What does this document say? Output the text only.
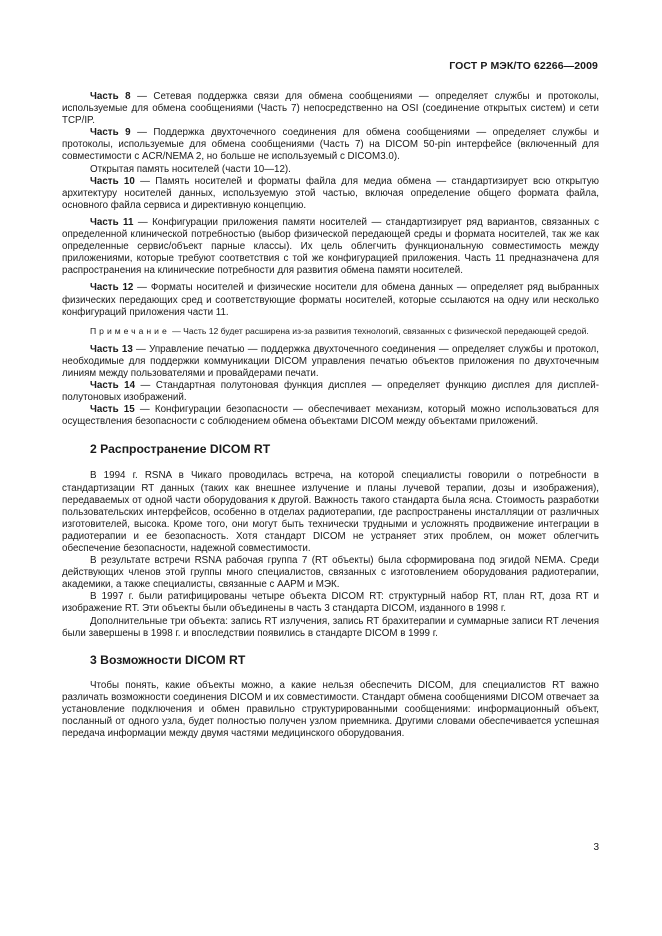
ГОСТ Р МЭК/ТО 62266—2009

Часть 8 — Сетевая поддержка связи для обмена сообщениями — определяет службы и протоколы, используемые для обмена сообщениями (Часть 7) непосредственно на OSI (соединение открытых систем) и сети TCP/IP.

Часть 9 — Поддержка двухточечного соединения для обмена сообщениями — определяет службы и протоколы, используемые для обмена сообщениями (Часть 7) на DICOM 50-pin интерфейсе (включенный для совместимости с ACR/NEMA 2, но больше не используемый с DICOM3.0).

Открытая память носителей (части 10—12).

Часть 10 — Память носителей и форматы файла для медиа обмена — стандартизирует всю открытую архитектуру носителей данных, используемую этой частью, включая определение общего формата файла, основного файла сервиса и директивную концепцию.

Часть 11 — Конфигурации приложения памяти носителей — стандартизирует ряд вариантов, связанных с определенной клинической потребностью (выбор физической передающей среды и формата носителей, так же как определенные сервис/объект парные классы). Их цель облегчить функциональную совместимость между приложениями, которые требуют соответствия с той же конфигурацией приложения. Часть 11 предназначена для распространения на клинические потребности для развития обмена памяти носителей.

Часть 12 — Форматы носителей и физические носители для обмена данных — определяет ряд выбранных физических передающих сред и соответствующие форматы носителей, которые ссылаются на одну или несколько конфигураций приложения части 11.

Примечание — Часть 12 будет расширена из-за развития технологий, связанных с физической передающей средой.

Часть 13 — Управление печатью — поддержка двухточечного соединения — определяет службы и протокол, необходимые для поддержки коммуникации DICOM управления печатью объектов приложения по двухточечным линиям между пользователями и провайдерами печати.

Часть 14 — Стандартная полутоновая функция дисплея — определяет функцию дисплея для дисплей-полутоновых изображений.

Часть 15 — Конфигурации безопасности — обеспечивает механизм, который можно использоваться для осуществления безопасности с соблюдением обмена объектами DICOM между объектами приложений.

2 Распространение DICOM RT

В 1994 г. RSNA в Чикаго проводилась встреча, на которой специалисты говорили о потребности в стандартизации RT данных (таких как внешнее излучение и планы лучевой терапии, дозы и изображения), передаваемых от одной части оборудования к другой. Важность такого стандарта была ясна. Стоимость разработки пользовательских интерфейсов, особенно в отделах радиотерапии, где распространены инсталляции от различных изготовителей, высока. Кроме того, они могут быть технически трудными и усложнять продвижение интеграции в радиотерапии и ее безопасность. Хотя стандарт DICOM не устраняет этих проблем, он может облегчить обеспечение безопасности, надежной совместимости.

В результате встречи RSNA рабочая группа 7 (RT объекты) была сформирована под эгидой NEMA. Среди действующих членов этой группы много специалистов, связанных с изготовлением оборудования радиотерапии, академики, а также специалисты, связанные с AAPM и МЭК.

В 1997 г. были ратифицированы четыре объекта DICOM RT: структурный набор RT, план RT, доза RT и изображение RT. Эти объекты были объединены в часть 3 стандарта DICOM, изданного в 1998 г.

Дополнительные три объекта: запись RT излучения, запись RT брахитерапии и суммарные записи RT лечения были завершены в 1998 г. и впоследствии появились в стандарте DICOM в 1999 г.

3 Возможности DICOM RT

Чтобы понять, какие объекты можно, а какие нельзя обеспечить DICOM, для специалистов RT важно различать возможности соединения DICOM и их совместимости. Стандарт обмена сообщениями DICOM отвечает за установление подключения и обмен правильно структурированными сообщениями: информационный объект, посланный от одного узла, будет полностью получен узлом приемника. Другими словами обеспечивается успешная передача информации между двумя частями медицинского оборудования.

3
